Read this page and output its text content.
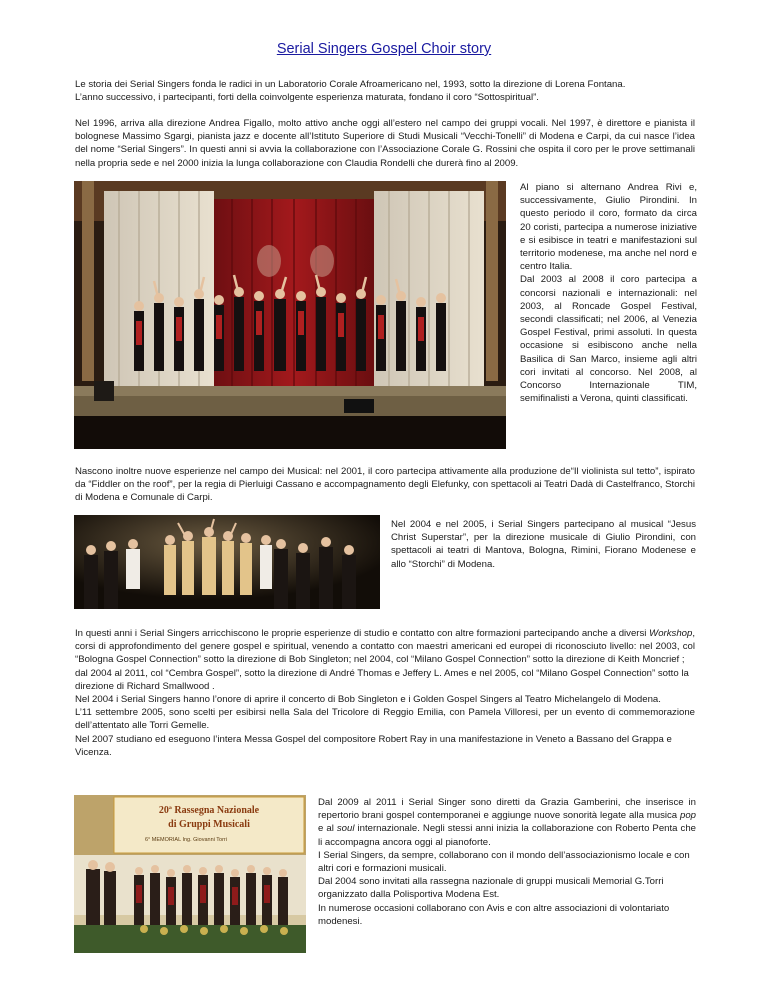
Serial Singers Gospel Choir story

Le storia dei Serial Singers fonda le radici in un Laboratorio Corale Afroamericano nel, 1993, sotto la direzione di Lorena Fontana.
L’anno successivo, i partecipanti, forti della coinvolgente esperienza maturata, fondano il coro “Sottospiritual”.

Nel 1996, arriva alla direzione Andrea Figallo, molto attivo anche oggi all’estero nel campo dei gruppi vocali. Nel 1997, è direttore e pianista il bolognese Massimo Sgargi, pianista jazz e docente all’Istituto Superiore di Studi Musicali “Vecchi-Tonelli” di Modena e Carpi, da cui nasce l’idea del nome “Serial Singers”. In questi anni si avvia la collaborazione con l’Associazione Corale G. Rossini che ospita il coro per le prove settimanali nella propria sede e nel 2000 inizia la lunga collaborazione con Claudia Rondelli che durerà fino al 2009.

Al piano si alternano Andrea Rivi e, successivamente, Giulio Pirondini. In questo periodo il coro, formato da circa 20 coristi, partecipa a numerose iniziative e si esibisce in teatri e manifestazioni sul territorio modenese, ma anche nel nord e centro Italia.

Dal 2003 al 2008 il coro partecipa a concorsi nazionali e internazionali: nel 2003, al Roncade Gospel Festival, secondi classificati; nel 2006, al Venezia Gospel Festival, primi assoluti. In questa occasione si esibiscono anche nella Basilica di San Marco, insieme agli altri cori invitati al concorso. Nel 2008, al Concorso Internazionale TIM, semifinalisti a Verona, quinti classificati.

Nascono inoltre nuove esperienze nel campo dei Musical: nel 2001, il coro partecipa attivamente alla produzione de“Il violinista sul tetto”, ispirato da “Fiddler on the roof”, per la regia di Pierluigi Cassano e accompagnamento degli Elefunky, con spettacoli ai Teatri Dadà di Castelfranco, Storchi di Modena e Comunale di Carpi.

Nel 2004 e nel 2005, i Serial Singers partecipano al musical “Jesus Christ Superstar”, per la direzione musicale di Giulio Pirondini, con spettacoli ai teatri di Mantova, Bologna, Rimini, Fiorano Modenese e allo “Storchi” di Modena.

In questi anni i Serial Singers arricchiscono le proprie esperienze di studio e contatto con altre formazioni partecipando anche a diversi Workshop, corsi di approfondimento del genere gospel e spiritual, venendo a contatto con maestri americani ed europei di riconosciuto livello: nel 2003, col “Bologna Gospel Connection” sotto la direzione di Bob Singleton; nel 2004, col “Milano Gospel Connection” sotto la direzione di Keith Moncrief ;

dal 2004 al 2011, col “Cembra Gospel”, sotto la direzione di André Thomas e Jeffery L. Ames e nel 2005, col “Milano Gospel Connection” sotto la direzione di Richard Smallwood .

Nel 2004 i Serial Singers hanno l’onore di aprire il concerto di Bob Singleton e i Golden Gospel Singers al Teatro Michelangelo di Modena.

L’11 settembre 2005, sono scelti per esibirsi nella Sala del Tricolore di Reggio Emilia, con Pamela Villoresi, per un evento di commemorazione dell’attentato alle Torri Gemelle.

Nel 2007 studiano ed eseguono l’intera Messa Gospel del compositore Robert Ray in una manifestazione in Veneto a Bassano del Grappa e Vicenza.

20ª Rassegna Nazionale
di Gruppi Musicali
6° MEMORIAL Ing. Giovanni Torri

Dal 2009 al 2011 i Serial Singer sono diretti da Grazia Gamberini, che inserisce in repertorio brani gospel contemporanei e aggiunge nuove sonorità legate alla musica pop e al soul internazionale. Negli stessi anni inizia la collaborazione con Roberto Penta che li accompagna ancora oggi al pianoforte.

I Serial Singers, da sempre, collaborano con il mondo dell’associazionismo locale e con altri cori e formazioni musicali.

Dal 2004 sono invitati alla rassegna nazionale di gruppi musicali Memorial G.Torri organizzato dalla Polisportiva Modena Est.

In numerose occasioni collaborano con Avis e con altre associazioni di volontariato modenesi.
